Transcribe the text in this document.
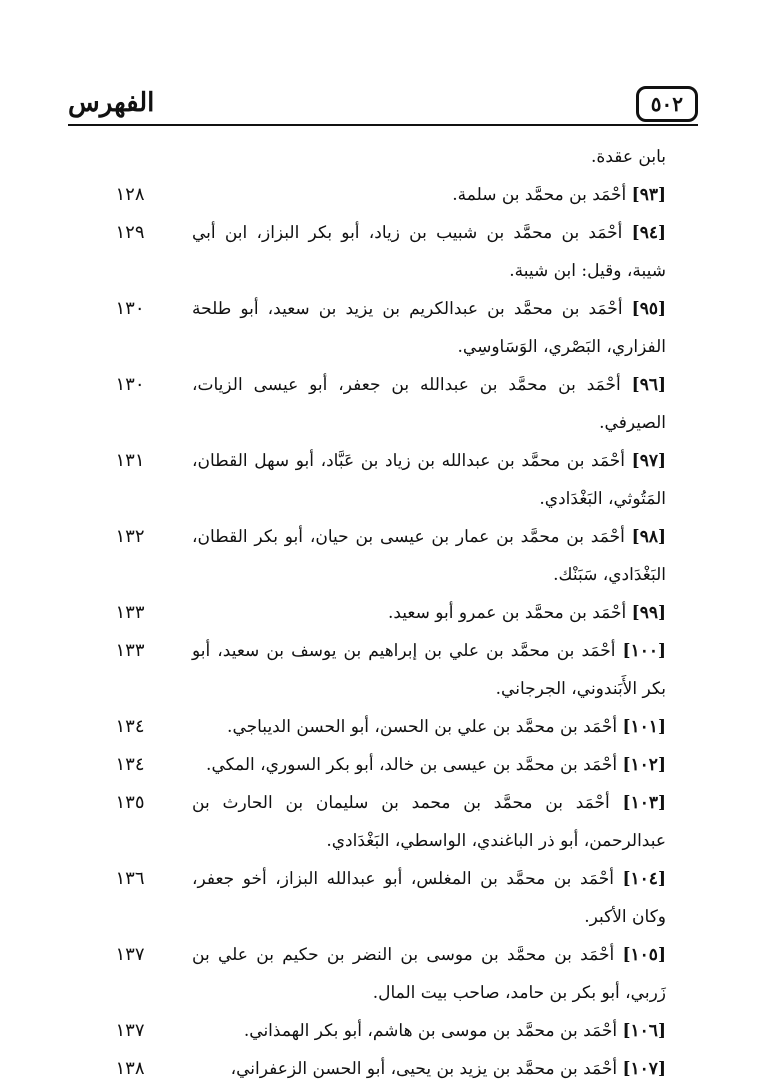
٥٠٢
الفهرس
بابن عقدة.
[٩٣] أحْمَد بن محمَّد بن سلمة.
١٢٨
[٩٤] أحْمَد بن محمَّد بن شبيب بن زياد، أبو بكر البزاز، ابن أبي
١٢٩
شيبة، وقيل: ابن شيبة.
[٩٥] أحْمَد بن محمَّد بن عبدالكريم بن يزيد بن سعيد، أبو طلحة
١٣٠
الفزاري، البَصْري، الوَسَاوسِي.
[٩٦] أحْمَد بن محمَّد بن عبدالله بن جعفر، أبو عيسى الزيات،
١٣٠
الصيرفي.
[٩٧] أحْمَد بن محمَّد بن عبدالله بن زياد بن عَبَّاد، أبو سهل القطان،
١٣١
المَتُوثي، البَغْدَادي.
[٩٨] أحْمَد بن محمَّد بن عمار بن عيسى بن حيان، أبو بكر القطان،
١٣٢
البَغْدَادي، سَبَنْك.
[٩٩] أحْمَد بن محمَّد بن عمرو أبو سعيد.
١٣٣
[١٠٠] أحْمَد بن محمَّد بن علي بن إبراهيم بن يوسف بن سعيد، أبو
١٣٣
بكر الأَبَندوني، الجرجاني.
[١٠١] أحْمَد بن محمَّد بن علي بن الحسن، أبو الحسن الديباجي.
١٣٤
[١٠٢] أحْمَد بن محمَّد بن عيسى بن خالد، أبو بكر السوري، المكي.
١٣٤
[١٠٣] أحْمَد بن محمَّد بن محمد بن سليمان بن الحارث بن
١٣٥
عبدالرحمن، أبو ذر الباغندي، الواسطي، البَغْدَادي.
[١٠٤] أحْمَد بن محمَّد بن المغلس، أبو عبدالله البزاز، أخو جعفر،
١٣٦
وكان الأكبر.
[١٠٥] أحْمَد بن محمَّد بن موسى بن النضر بن حكيم بن علي بن
١٣٧
زَربي، أبو بكر بن حامد، صاحب بيت المال.
[١٠٦] أحْمَد بن محمَّد بن موسى بن هاشم، أبو بكر الهمذاني.
١٣٧
[١٠٧] أحْمَد بن محمَّد بن يزيد بن يحيى، أبو الحسن الزعفراني،
١٣٨
